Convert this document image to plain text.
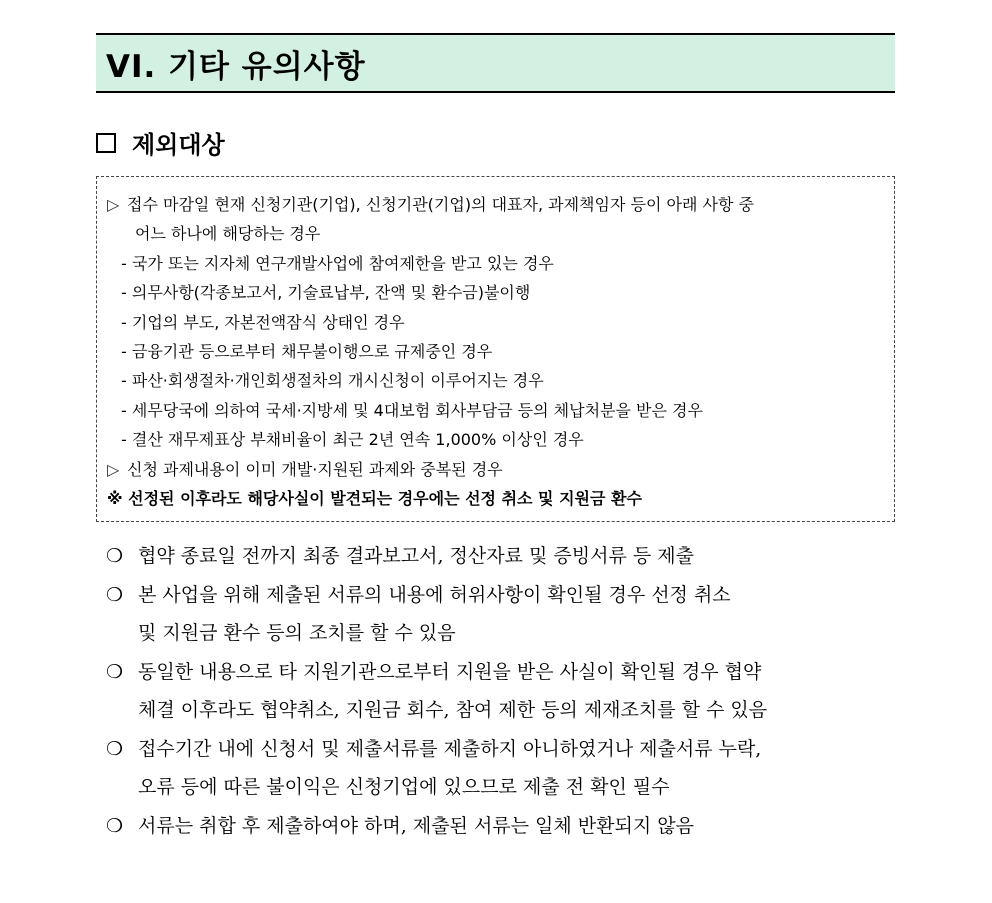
VI. 기타 유의사항
제외대상
▷ 접수 마감일 현재 신청기관(기업), 신청기관(기업)의 대표자, 과제책임자 등이 아래 사항 중
어느 하나에 해당하는 경우
- 국가 또는 지자체 연구개발사업에 참여제한을 받고 있는 경우
- 의무사항(각종보고서, 기술료납부, 잔액 및 환수금)불이행
- 기업의 부도, 자본전액잠식 상태인 경우
- 금융기관 등으로부터 채무불이행으로 규제중인 경우
- 파산·회생절차·개인회생절차의 개시신청이 이루어지는 경우
- 세무당국에 의하여 국세·지방세 및 4대보험 회사부담금 등의 체납처분을 받은 경우
- 결산 재무제표상 부채비율이 최근 2년 연속 1,000% 이상인 경우
▷ 신청 과제내용이 이미 개발·지원된 과제와 중복된 경우
※ 선정된 이후라도 해당사실이 발견되는 경우에는 선정 취소 및 지원금 환수
❍ 협약 종료일 전까지 최종 결과보고서, 정산자료 및 증빙서류 등 제출
❍ 본 사업을 위해 제출된 서류의 내용에 허위사항이 확인될 경우 선정 취소
및 지원금 환수 등의 조치를 할 수 있음
❍ 동일한 내용으로 타 지원기관으로부터 지원을 받은 사실이 확인될 경우 협약
체결 이후라도 협약취소, 지원금 회수, 참여 제한 등의 제재조치를 할 수 있음
❍ 접수기간 내에 신청서 및 제출서류를 제출하지 아니하였거나 제출서류 누락,
오류 등에 따른 불이익은 신청기업에 있으므로 제출 전 확인 필수
❍ 서류는 취합 후 제출하여야 하며, 제출된 서류는 일체 반환되지 않음
